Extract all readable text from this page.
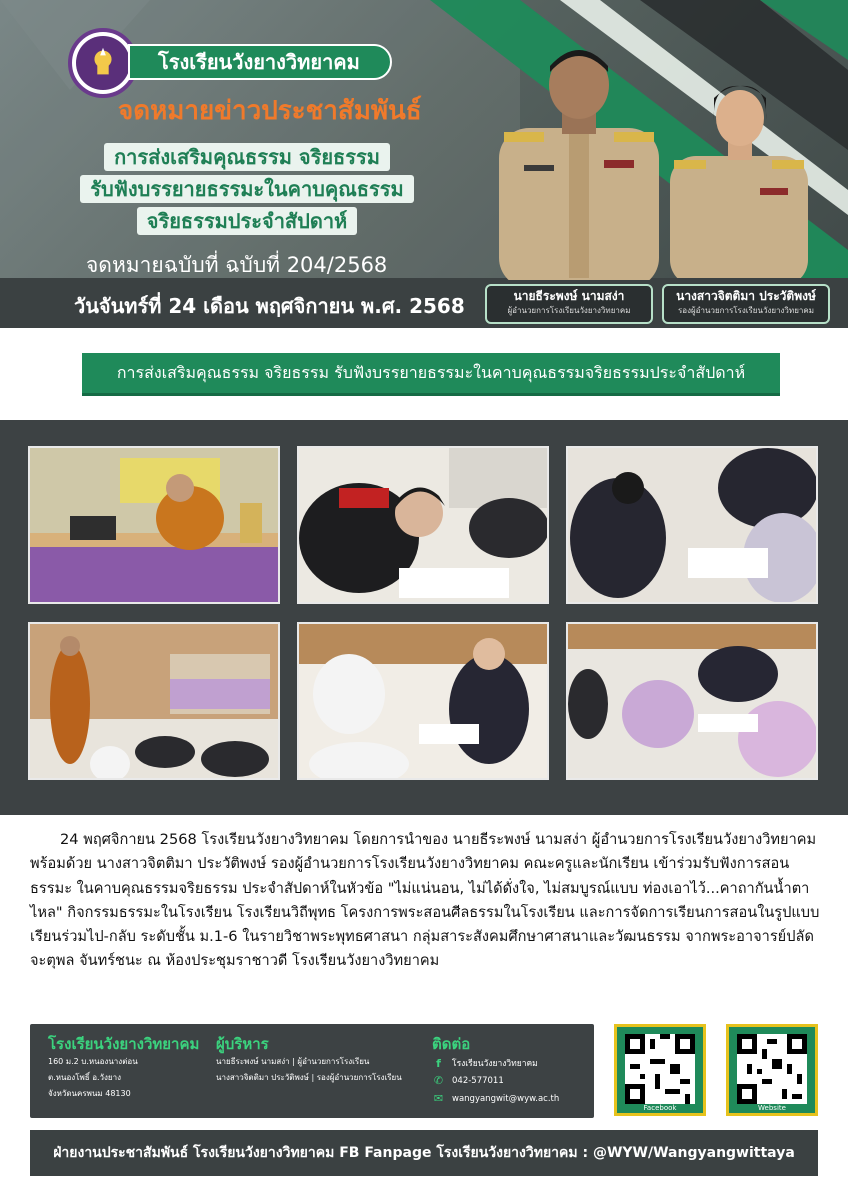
โรงเรียนวังยางวิทยาคม
จดหมายข่าวประชาสัมพันธ์
การส่งเสริมคุณธรรม จริยธรรม
รับฟังบรรยายธรรมะในคาบคุณธรรม
จริยธรรมประจำสัปดาห์
จดหมายฉบับที่ ฉบับที่ 204/2568
วันจันทร์ที่ 24 เดือน พฤศจิกายน พ.ศ. 2568	นายธีระพงษ์ นามสง่า
ผู้อำนวยการโรงเรียนวังยางวิทยาคม
นางสาวจิตติมา ประวัติพงษ์
รองผู้อำนวยการโรงเรียนวังยางวิทยาคม
การส่งเสริมคุณธรรม จริยธรรม รับฟังบรรยายธรรมะในคาบคุณธรรมจริยธรรมประจำสัปดาห์
24 พฤศจิกายน 2568 โรงเรียนวังยางวิทยาคม โดยการนำของ นายธีระพงษ์ นามสง่า ผู้อำนวยการโรงเรียนวังยางวิทยาคม พร้อมด้วย นางสาวจิตติมา ประวัติพงษ์ รองผู้อำนวยการโรงเรียนวังยางวิทยาคม คณะครูและนักเรียน เข้าร่วมรับฟังการสอนธรรมะ ในคาบคุณธรรมจริยธรรม ประจำสัปดาห์ในหัวข้อ "ไม่แน่นอน, ไม่ได้ดั่งใจ, ไม่สมบูรณ์แบบ ท่องเอาไว้...คาถากันน้ำตาไหล" กิจกรรมธรรมะในโรงเรียน โรงเรียนวิถีพุทธ โครงการพระสอนศีลธรรมในโรงเรียน และการจัดการเรียนการสอนในรูปแบบเรียนร่วมไป-กลับ ระดับชั้น ม.1-6 ในรายวิชาพระพุทธศาสนา กลุ่มสาระสังคมศึกษาศาสนาและวัฒนธรรม จากพระอาจารย์ปลัดจะตุพล จันทร์ชนะ ณ ห้องประชุมราชาวดี โรงเรียนวังยางวิทยาคม
โรงเรียนวังยางวิทยาคม
160 ม.2 บ.หนองนางต่อน
ต.หนองโพธิ์ อ.วังยาง
จังหวัดนครพนม 48130
ผู้บริหาร
นายธีระพงษ์ นามสง่า | ผู้อำนวยการโรงเรียน
นางสาวจิตติมา ประวัติพงษ์ | รองผู้อำนวยการโรงเรียน
ติดต่อ
f	โรงเรียนวังยางวิทยาคม
✆ 042-577011
✉ wangyangwit@wyw.ac.th
Facebook	Website
ฝ่ายงานประชาสัมพันธ์ โรงเรียนวังยางวิทยาคม FB Fanpage โรงเรียนวังยางวิทยาคม : @WYW/Wangyangwittaya
